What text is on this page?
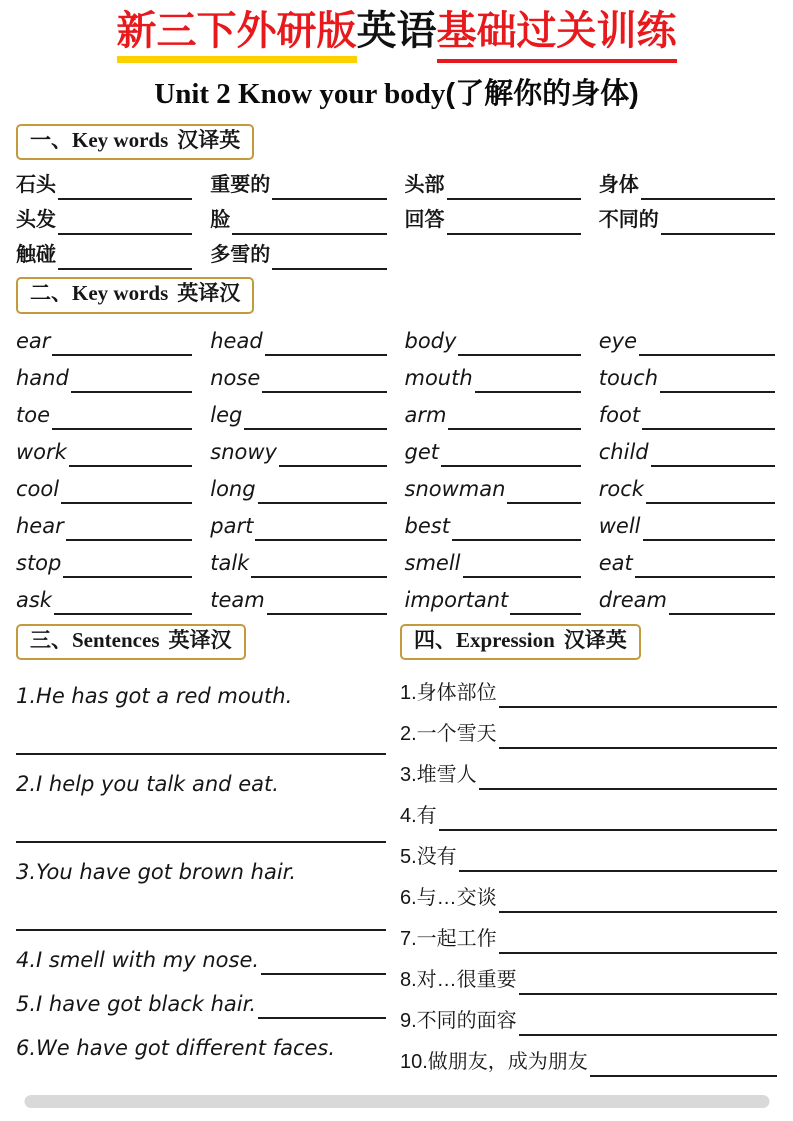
新三下外研版英语基础过关训练
Unit 2 Know your body(了解你的身体)
一、Key words 汉译英
石头	重要的	头部	身体
头发	脸	回答	不同的
触碰	多雪的
二、Key words 英译汉
ear	head	body	eye
hand	nose	mouth	touch
toe	leg	arm	foot
work	snowy	get	child
cool	long	snowman	rock
hear	part	best	well
stop	talk	smell	eat
ask	team	important	dream
三、Sentences 英译汉	四、Expression 汉译英
1.He has got a red mouth.
2.I help you talk and eat.
3.You have got brown hair.
4.I smell with my nose.
5.I have got black hair.
6.We have got different faces.
1.身体部位
2.一个雪天
3.堆雪人
4.有
5.没有
6.与…交谈
7.一起工作
8.对…很重要
9.不同的面容
10.做朋友，成为朋友
